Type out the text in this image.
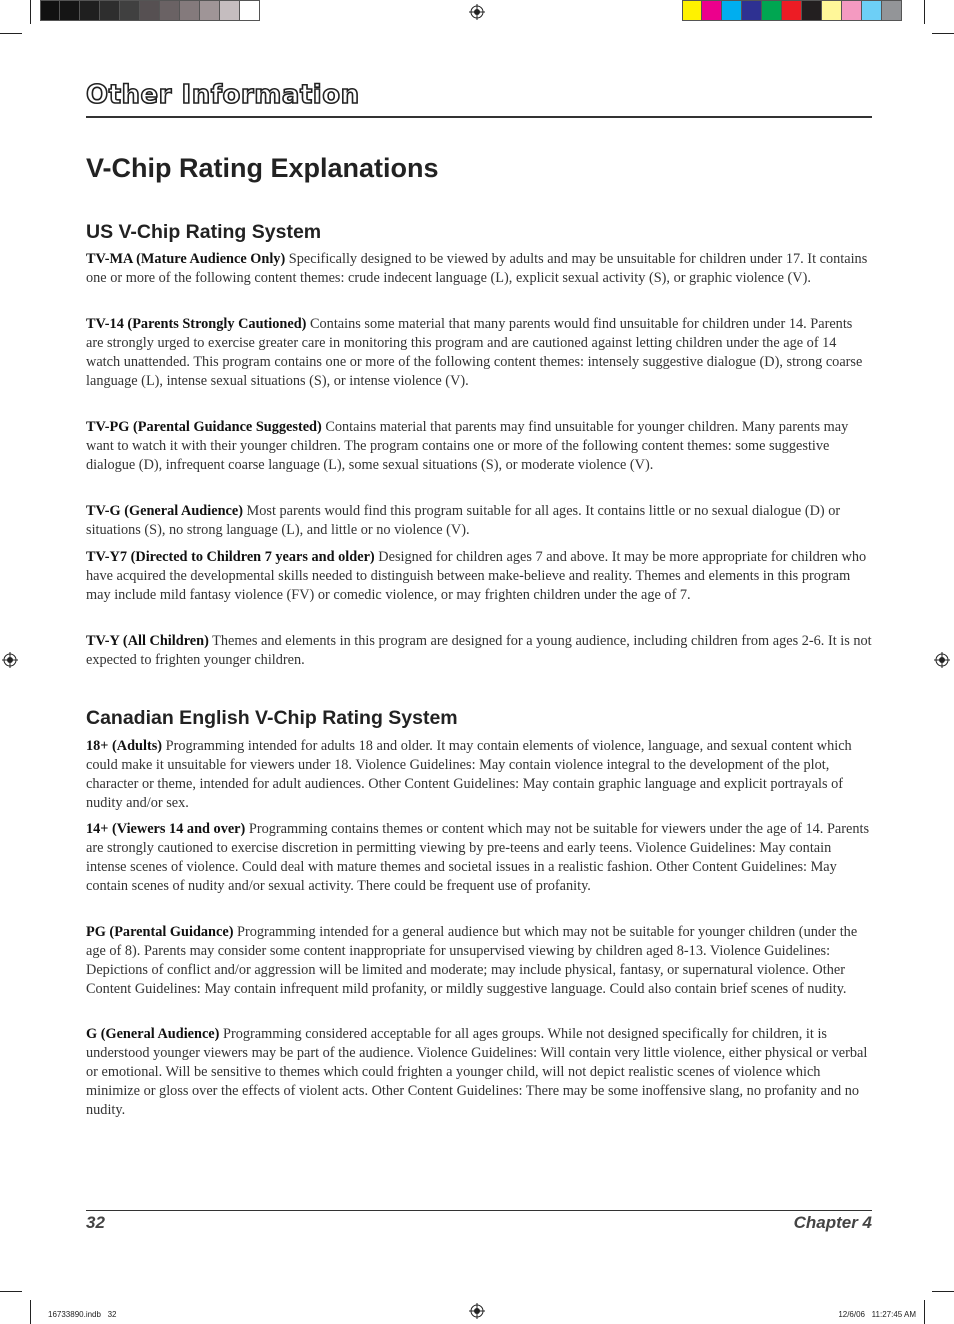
Other Information
V-Chip Rating Explanations
US V-Chip Rating System
TV-MA (Mature Audience Only) Specifically designed to be viewed by adults and may be unsuitable for children under 17. It contains one or more of the following content themes: crude indecent language (L), explicit sexual activity (S), or graphic violence (V).
TV-14 (Parents Strongly Cautioned) Contains some material that many parents would find unsuitable for children under 14. Parents are strongly urged to exercise greater care in monitoring this program and are cautioned against letting children under the age of 14 watch unattended. This program contains one or more of the following content themes: intensely suggestive dialogue (D), strong coarse language (L), intense sexual situations (S), or intense violence (V).
TV-PG (Parental Guidance Suggested) Contains material that parents may find unsuitable for younger children. Many parents may want to watch it with their younger children. The program contains one or more of the following content themes: some suggestive dialogue (D), infrequent coarse language (L), some sexual situations (S), or moderate violence (V).
TV-G (General Audience) Most parents would find this program suitable for all ages. It contains little or no sexual dialogue (D) or situations (S), no strong language (L), and little or no violence (V).
TV-Y7 (Directed to Children 7 years and older) Designed for children ages 7 and above. It may be more appropriate for children who have acquired the developmental skills needed to distinguish between make-believe and reality. Themes and elements in this program may include mild fantasy violence (FV) or comedic violence, or may frighten children under the age of 7.
TV-Y (All Children) Themes and elements in this program are designed for a young audience, including children from ages 2-6. It is not expected to frighten younger children.
Canadian English V-Chip Rating System
18+ (Adults) Programming intended for adults 18 and older. It may contain elements of violence, language, and sexual content which could make it unsuitable for viewers under 18. Violence Guidelines: May contain violence integral to the development of the plot, character or theme, intended for adult audiences. Other Content Guidelines: May contain graphic language and explicit portrayals of nudity and/or sex.
14+ (Viewers 14 and over) Programming contains themes or content which may not be suitable for viewers under the age of 14. Parents are strongly cautioned to exercise discretion in permitting viewing by pre-teens and early teens. Violence Guidelines: May contain intense scenes of violence. Could deal with mature themes and societal issues in a realistic fashion. Other Content Guidelines: May contain scenes of nudity and/or sexual activity. There could be frequent use of profanity.
PG (Parental Guidance) Programming intended for a general audience but which may not be suitable for younger children (under the age of 8). Parents may consider some content inappropriate for unsupervised viewing by children aged 8-13. Violence Guidelines: Depictions of conflict and/or aggression will be limited and moderate; may include physical, fantasy, or supernatural violence. Other Content Guidelines: May contain infrequent mild profanity, or mildly suggestive language. Could also contain brief scenes of nudity.
G (General Audience) Programming considered acceptable for all ages groups. While not designed specifically for children, it is understood younger viewers may be part of the audience. Violence Guidelines: Will contain very little violence, either physical or verbal or emotional. Will be sensitive to themes which could frighten a younger child, will not depict realistic scenes of violence which minimize or gloss over the effects of violent acts. Other Content Guidelines: There may be some inoffensive slang, no profanity and no nudity.
32	Chapter 4
16733890.indb   32	12/6/06   11:27:45 AM
